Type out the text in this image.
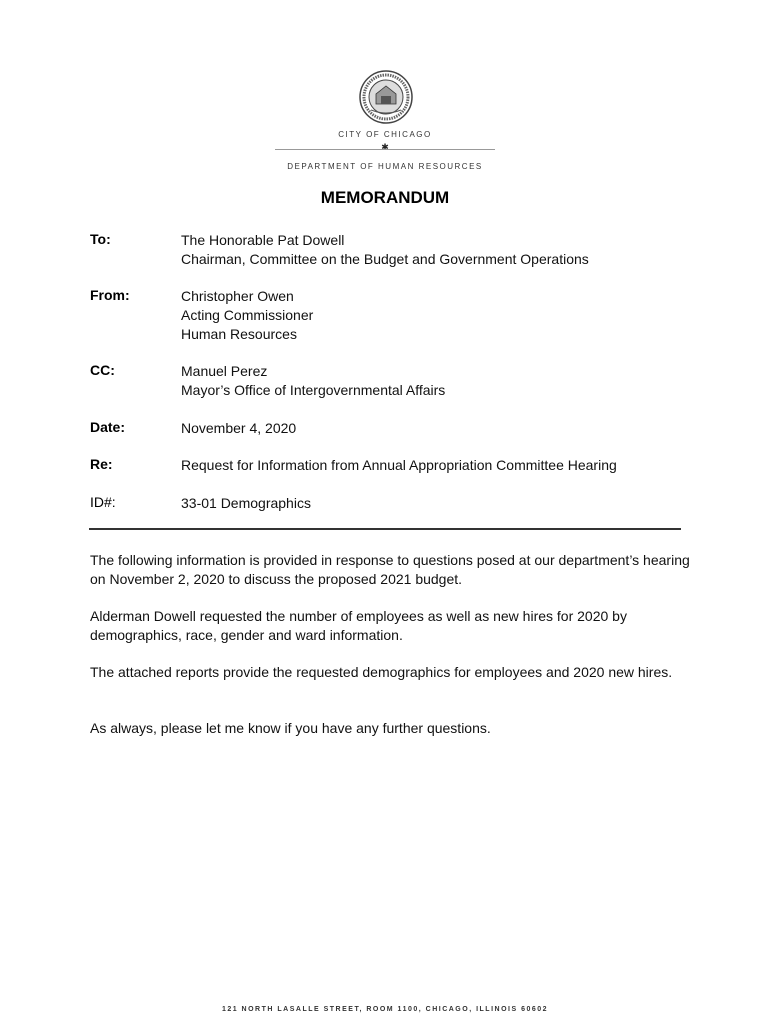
CITY OF CHICAGO
✱
DEPARTMENT OF HUMAN RESOURCES
MEMORANDUM
To:	The Honorable Pat Dowell
Chairman, Committee on the Budget and Government Operations
From:	Christopher Owen
Acting Commissioner
Human Resources
CC:	Manuel Perez
Mayor’s Office of Intergovernmental Affairs
Date:	November 4, 2020
Re:	Request for Information from Annual Appropriation Committee Hearing
ID#:	33-01 Demographics
The following information is provided in response to questions posed at our department’s hearing on November 2, 2020 to discuss the proposed 2021 budget.
Alderman Dowell requested the number of employees as well as new hires for 2020 by demographics, race, gender and ward information.
The attached reports provide the requested demographics for employees and 2020 new hires.
As always, please let me know if you have any further questions.
121 NORTH LASALLE STREET, ROOM 1100, CHICAGO, ILLINOIS 60602
